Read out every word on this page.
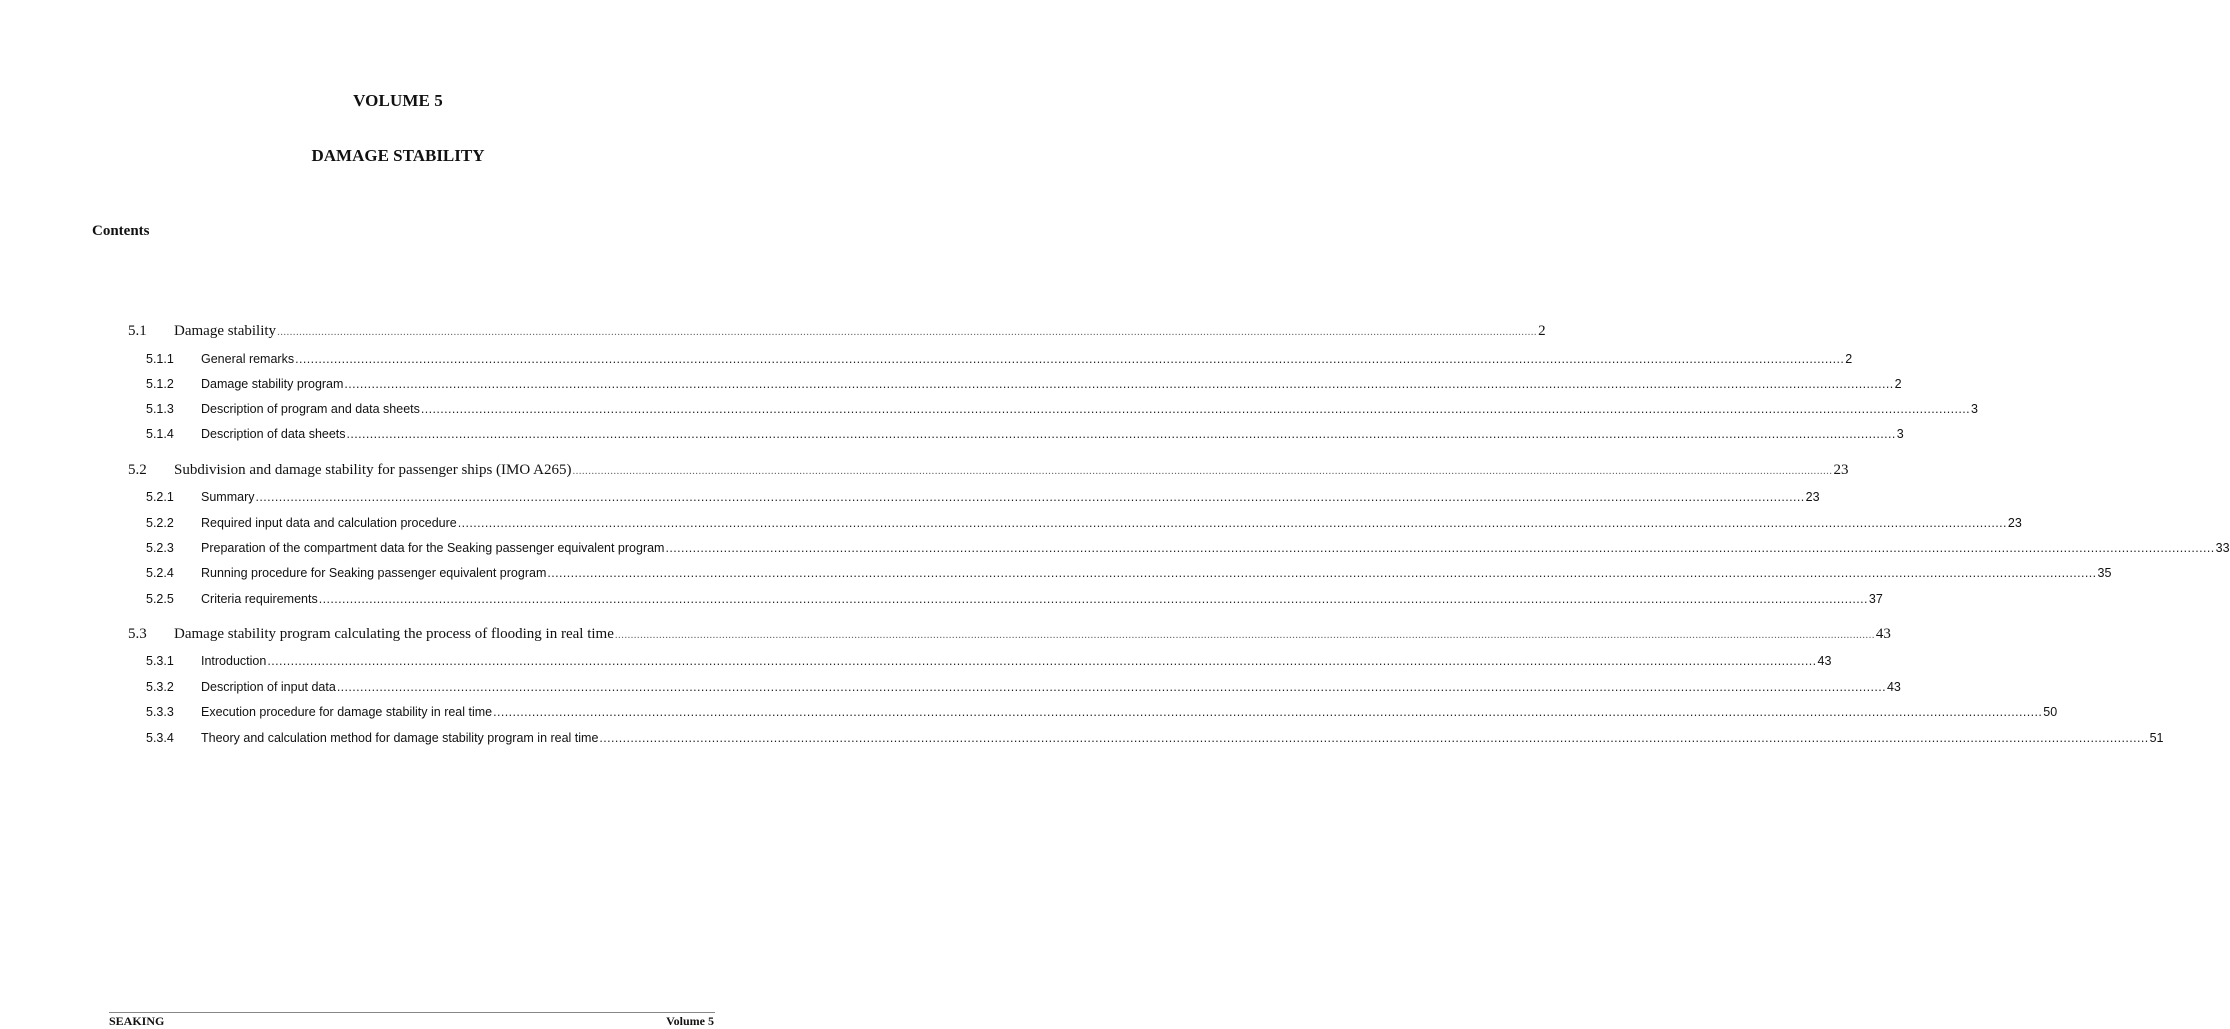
VOLUME 5
DAMAGE STABILITY
Contents
5.1	Damage stability ................................................................................................................................................................................................................................................................................................................................................................................................................ 2
5.1.1	General remarks ................................................................................................................................................................................................................................................................................................................................................................................................................ 2
5.1.2	Damage stability program ................................................................................................................................................................................................................................................................................................................................................................................................................ 2
5.1.3	Description of program and data sheets ................................................................................................................................................................................................................................................................................................................................................................................................................ 3
5.1.4	Description of data sheets ................................................................................................................................................................................................................................................................................................................................................................................................................ 3
5.2	Subdivision and damage stability for passenger ships (IMO A265) ................................................................................................................................................................................................................................................................................................................................................................................................................ 23
5.2.1	Summary ................................................................................................................................................................................................................................................................................................................................................................................................................ 23
5.2.2	Required input data and calculation procedure ................................................................................................................................................................................................................................................................................................................................................................................................................ 23
5.2.3	Preparation of the compartment data for the Seaking passenger equivalent program ................................................................................................................................................................................................................................................................................................................................................................................................................ 33
5.2.4	Running procedure for Seaking passenger equivalent program ................................................................................................................................................................................................................................................................................................................................................................................................................ 35
5.2.5	Criteria requirements ................................................................................................................................................................................................................................................................................................................................................................................................................ 37
5.3	Damage stability program calculating the process of flooding in real time ................................................................................................................................................................................................................................................................................................................................................................................................................ 43
5.3.1	Introduction ................................................................................................................................................................................................................................................................................................................................................................................................................ 43
5.3.2	Description of input data ................................................................................................................................................................................................................................................................................................................................................................................................................ 43
5.3.3	Execution procedure for damage stability in real time ................................................................................................................................................................................................................................................................................................................................................................................................................ 50
5.3.4	Theory and calculation method for damage stability program in real time ................................................................................................................................................................................................................................................................................................................................................................................................................ 51
SEAKING	Volume 5
